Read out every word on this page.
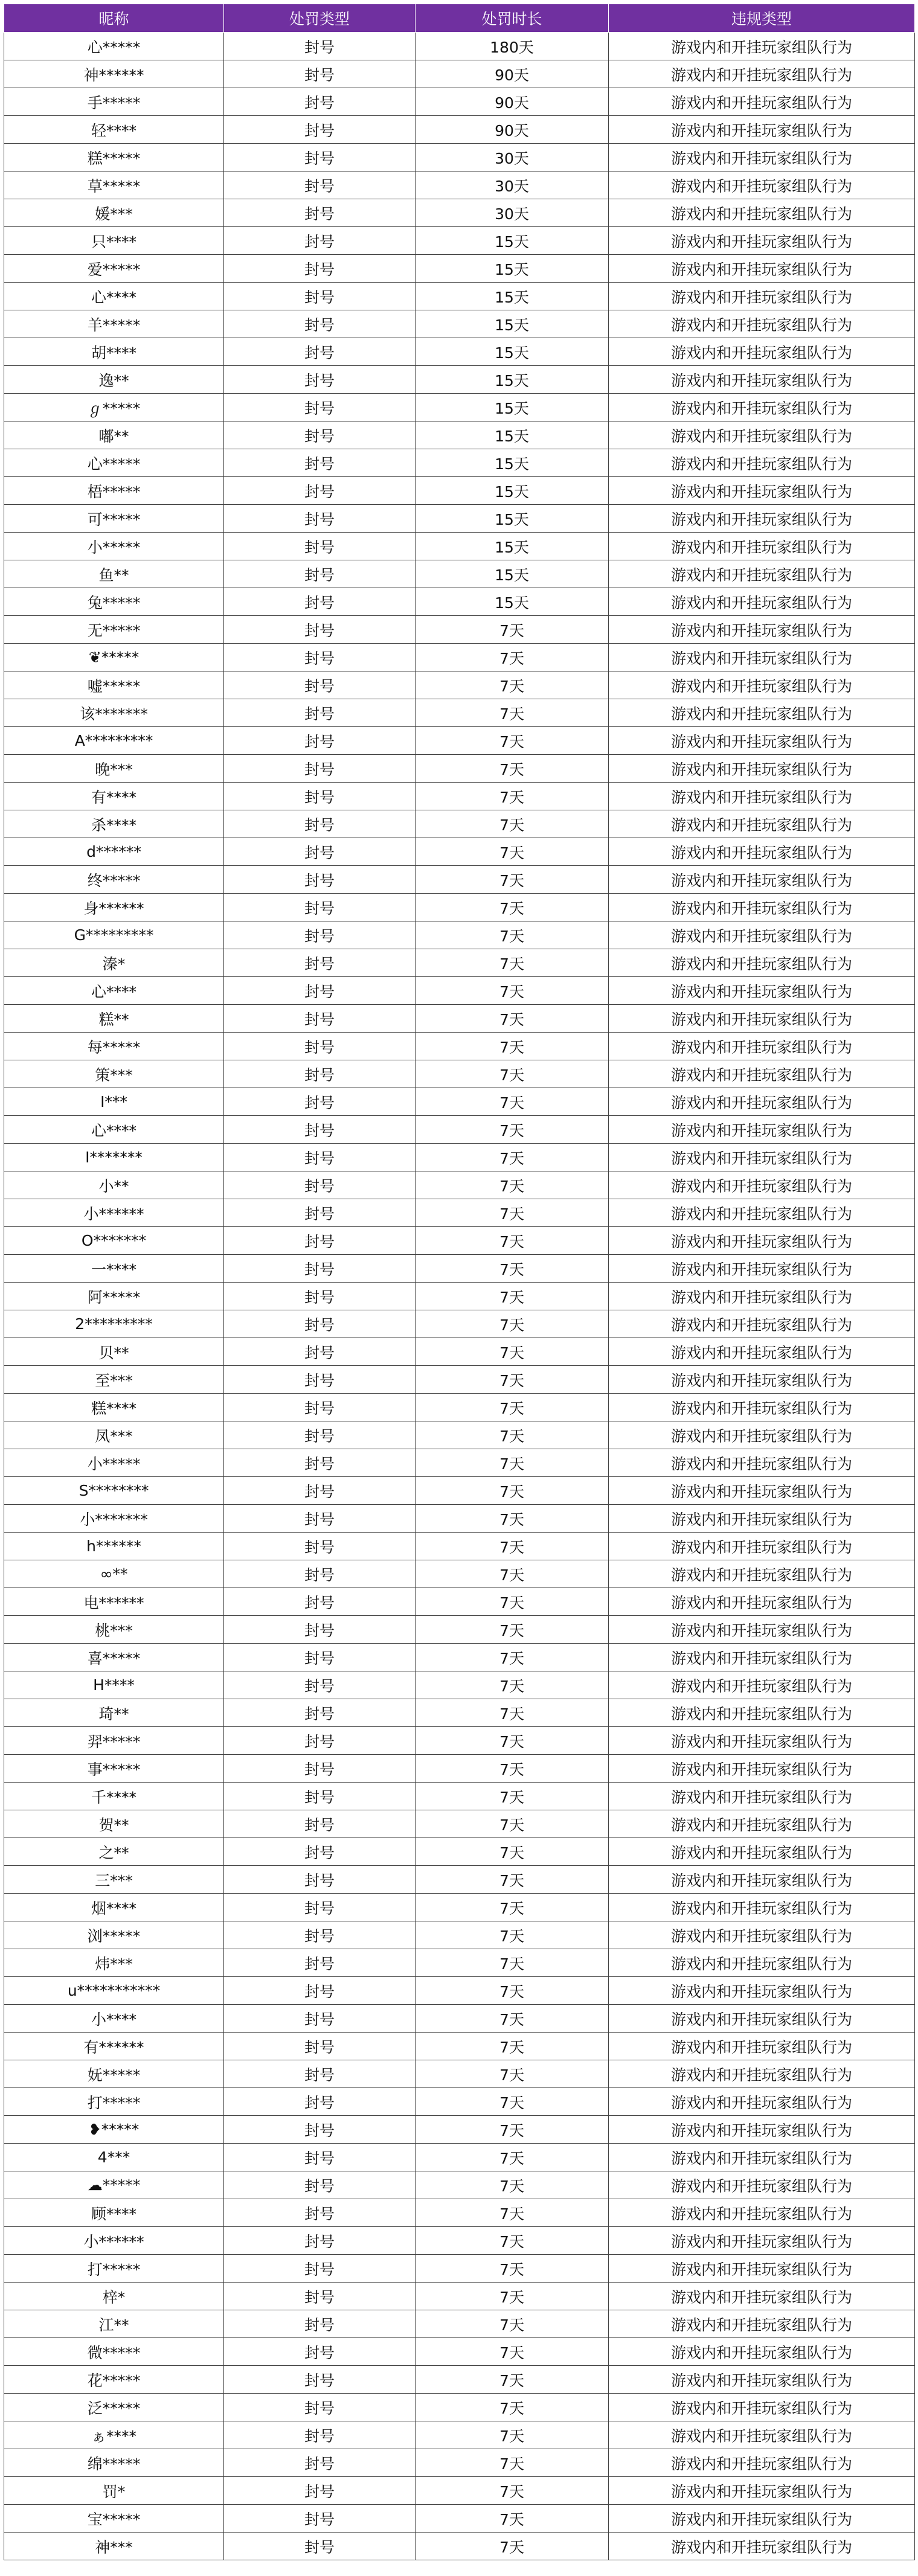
昵称	处罚类型	处罚时长	违规类型
心*****	封号	180天	游戏内和开挂玩家组队行为
神******	封号	90天	游戏内和开挂玩家组队行为
手*****	封号	90天	游戏内和开挂玩家组队行为
轻****	封号	90天	游戏内和开挂玩家组队行为
糕*****	封号	30天	游戏内和开挂玩家组队行为
草*****	封号	30天	游戏内和开挂玩家组队行为
媛***	封号	30天	游戏内和开挂玩家组队行为
只****	封号	15天	游戏内和开挂玩家组队行为
爱*****	封号	15天	游戏内和开挂玩家组队行为
心****	封号	15天	游戏内和开挂玩家组队行为
羊*****	封号	15天	游戏内和开挂玩家组队行为
胡****	封号	15天	游戏内和开挂玩家组队行为
逸**	封号	15天	游戏内和开挂玩家组队行为
ℊ*****	封号	15天	游戏内和开挂玩家组队行为
嘟**	封号	15天	游戏内和开挂玩家组队行为
心*****	封号	15天	游戏内和开挂玩家组队行为
梧*****	封号	15天	游戏内和开挂玩家组队行为
可*****	封号	15天	游戏内和开挂玩家组队行为
小*****	封号	15天	游戏内和开挂玩家组队行为
鱼**	封号	15天	游戏内和开挂玩家组队行为
兔*****	封号	15天	游戏内和开挂玩家组队行为
无*****	封号	7天	游戏内和开挂玩家组队行为
❦*****	封号	7天	游戏内和开挂玩家组队行为
嘘*****	封号	7天	游戏内和开挂玩家组队行为
该*******	封号	7天	游戏内和开挂玩家组队行为
A*********	封号	7天	游戏内和开挂玩家组队行为
晚***	封号	7天	游戏内和开挂玩家组队行为
有****	封号	7天	游戏内和开挂玩家组队行为
杀****	封号	7天	游戏内和开挂玩家组队行为
d******	封号	7天	游戏内和开挂玩家组队行为
终*****	封号	7天	游戏内和开挂玩家组队行为
身******	封号	7天	游戏内和开挂玩家组队行为
G*********	封号	7天	游戏内和开挂玩家组队行为
溱*	封号	7天	游戏内和开挂玩家组队行为
心****	封号	7天	游戏内和开挂玩家组队行为
糕**	封号	7天	游戏内和开挂玩家组队行为
每*****	封号	7天	游戏内和开挂玩家组队行为
策***	封号	7天	游戏内和开挂玩家组队行为
I***	封号	7天	游戏内和开挂玩家组队行为
心****	封号	7天	游戏内和开挂玩家组队行为
I*******	封号	7天	游戏内和开挂玩家组队行为
小**	封号	7天	游戏内和开挂玩家组队行为
小******	封号	7天	游戏内和开挂玩家组队行为
O*******	封号	7天	游戏内和开挂玩家组队行为
一****	封号	7天	游戏内和开挂玩家组队行为
阿*****	封号	7天	游戏内和开挂玩家组队行为
2*********	封号	7天	游戏内和开挂玩家组队行为
贝**	封号	7天	游戏内和开挂玩家组队行为
至***	封号	7天	游戏内和开挂玩家组队行为
糕****	封号	7天	游戏内和开挂玩家组队行为
凤***	封号	7天	游戏内和开挂玩家组队行为
小*****	封号	7天	游戏内和开挂玩家组队行为
S********	封号	7天	游戏内和开挂玩家组队行为
小*******	封号	7天	游戏内和开挂玩家组队行为
h******	封号	7天	游戏内和开挂玩家组队行为
∞**	封号	7天	游戏内和开挂玩家组队行为
电******	封号	7天	游戏内和开挂玩家组队行为
桃***	封号	7天	游戏内和开挂玩家组队行为
喜*****	封号	7天	游戏内和开挂玩家组队行为
H****	封号	7天	游戏内和开挂玩家组队行为
琦**	封号	7天	游戏内和开挂玩家组队行为
羿*****	封号	7天	游戏内和开挂玩家组队行为
事*****	封号	7天	游戏内和开挂玩家组队行为
千****	封号	7天	游戏内和开挂玩家组队行为
贺**	封号	7天	游戏内和开挂玩家组队行为
之**	封号	7天	游戏内和开挂玩家组队行为
三***	封号	7天	游戏内和开挂玩家组队行为
烟****	封号	7天	游戏内和开挂玩家组队行为
浏*****	封号	7天	游戏内和开挂玩家组队行为
炜***	封号	7天	游戏内和开挂玩家组队行为
u***********	封号	7天	游戏内和开挂玩家组队行为
小****	封号	7天	游戏内和开挂玩家组队行为
有******	封号	7天	游戏内和开挂玩家组队行为
妩*****	封号	7天	游戏内和开挂玩家组队行为
打*****	封号	7天	游戏内和开挂玩家组队行为
❥*****	封号	7天	游戏内和开挂玩家组队行为
4***	封号	7天	游戏内和开挂玩家组队行为
☁*****	封号	7天	游戏内和开挂玩家组队行为
顾****	封号	7天	游戏内和开挂玩家组队行为
小******	封号	7天	游戏内和开挂玩家组队行为
打*****	封号	7天	游戏内和开挂玩家组队行为
梓*	封号	7天	游戏内和开挂玩家组队行为
江**	封号	7天	游戏内和开挂玩家组队行为
微*****	封号	7天	游戏内和开挂玩家组队行为
花*****	封号	7天	游戏内和开挂玩家组队行为
泛*****	封号	7天	游戏内和开挂玩家组队行为
ぁ****	封号	7天	游戏内和开挂玩家组队行为
绵*****	封号	7天	游戏内和开挂玩家组队行为
罚*	封号	7天	游戏内和开挂玩家组队行为
宝*****	封号	7天	游戏内和开挂玩家组队行为
神***	封号	7天	游戏内和开挂玩家组队行为
